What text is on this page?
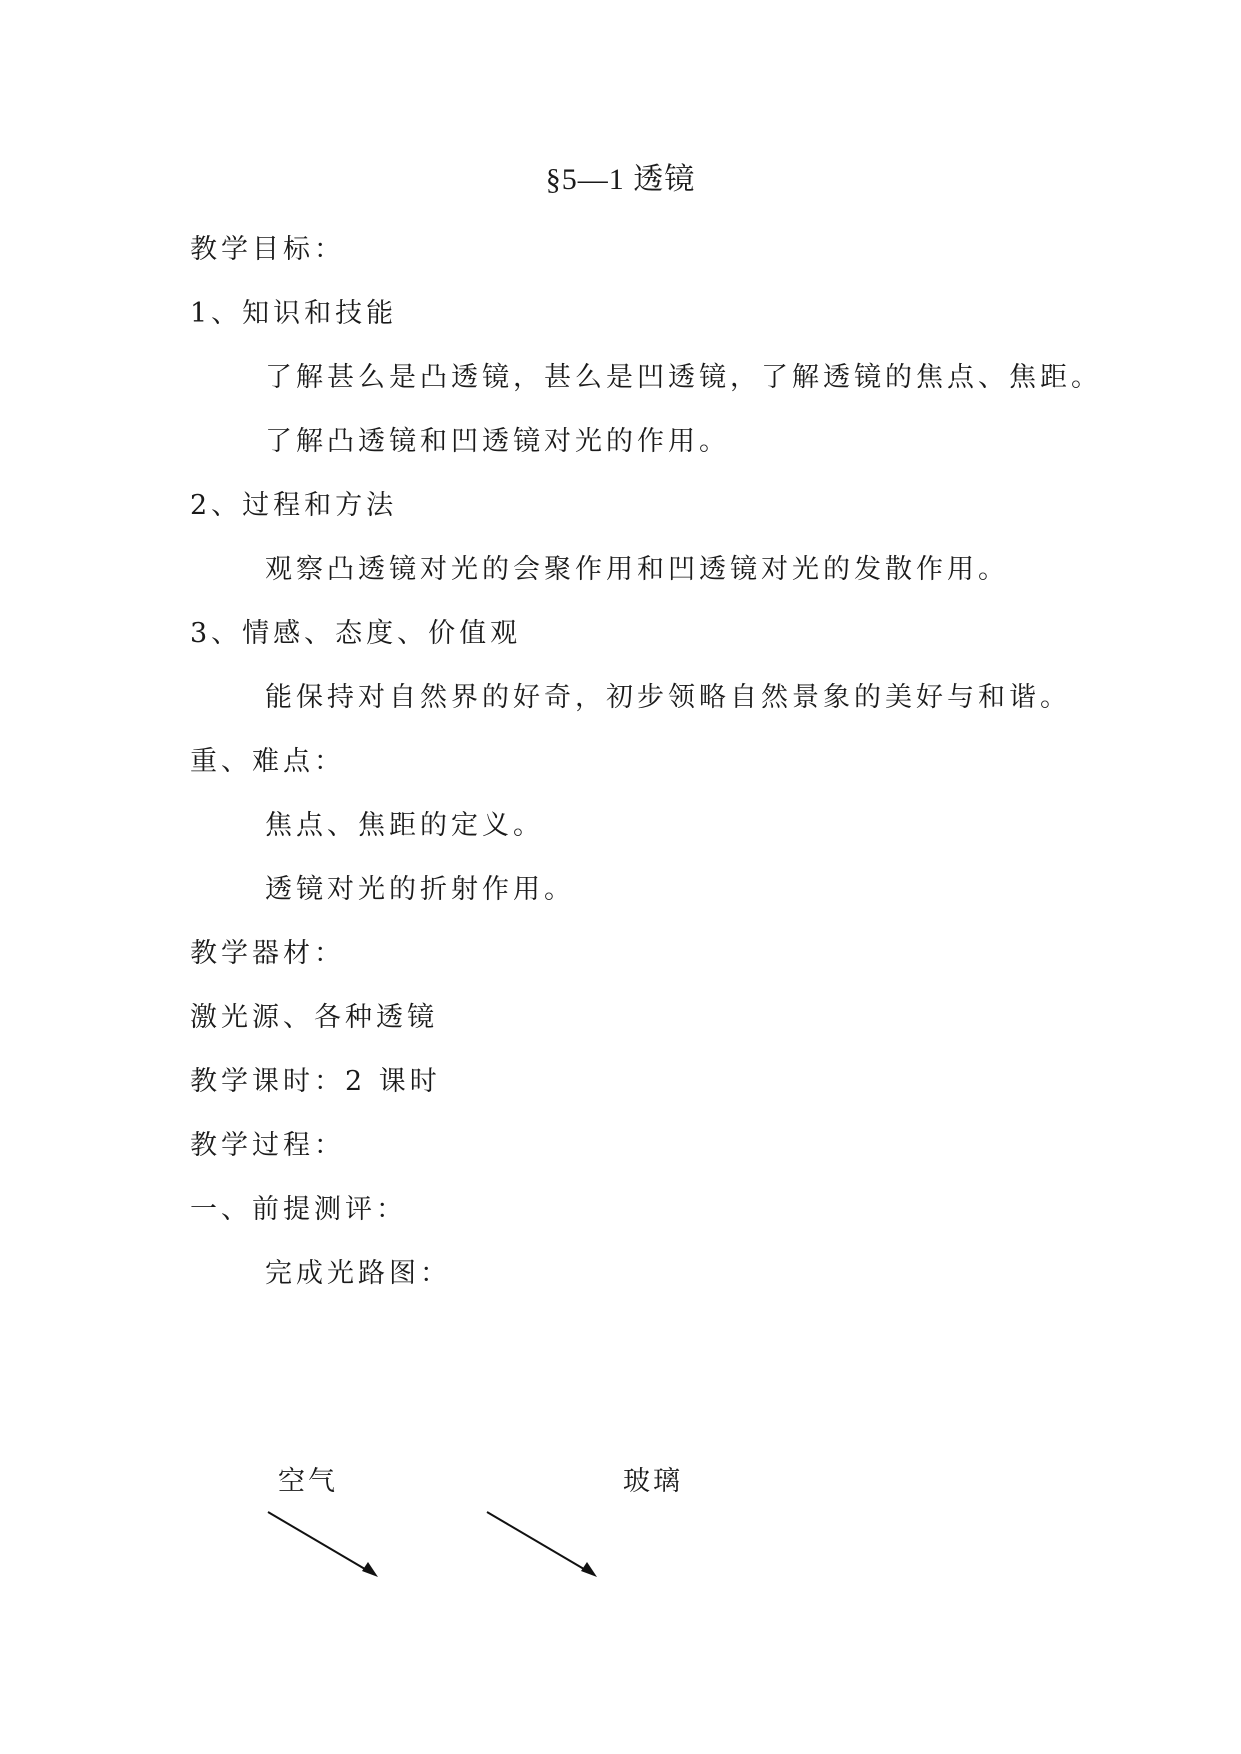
§5—1 透镜
教学目标：
1、知识和技能
了解甚么是凸透镜，甚么是凹透镜，了解透镜的焦点、焦距。
了解凸透镜和凹透镜对光的作用。
2、过程和方法
观察凸透镜对光的会聚作用和凹透镜对光的发散作用。
3、情感、态度、价值观
能保持对自然界的好奇，初步领略自然景象的美好与和谐。
重、难点：
焦点、焦距的定义。
透镜对光的折射作用。
教学器材：
激光源、各种透镜
教学课时：2 课时
教学过程：
一、前提测评：
完成光路图：
空气	玻璃
